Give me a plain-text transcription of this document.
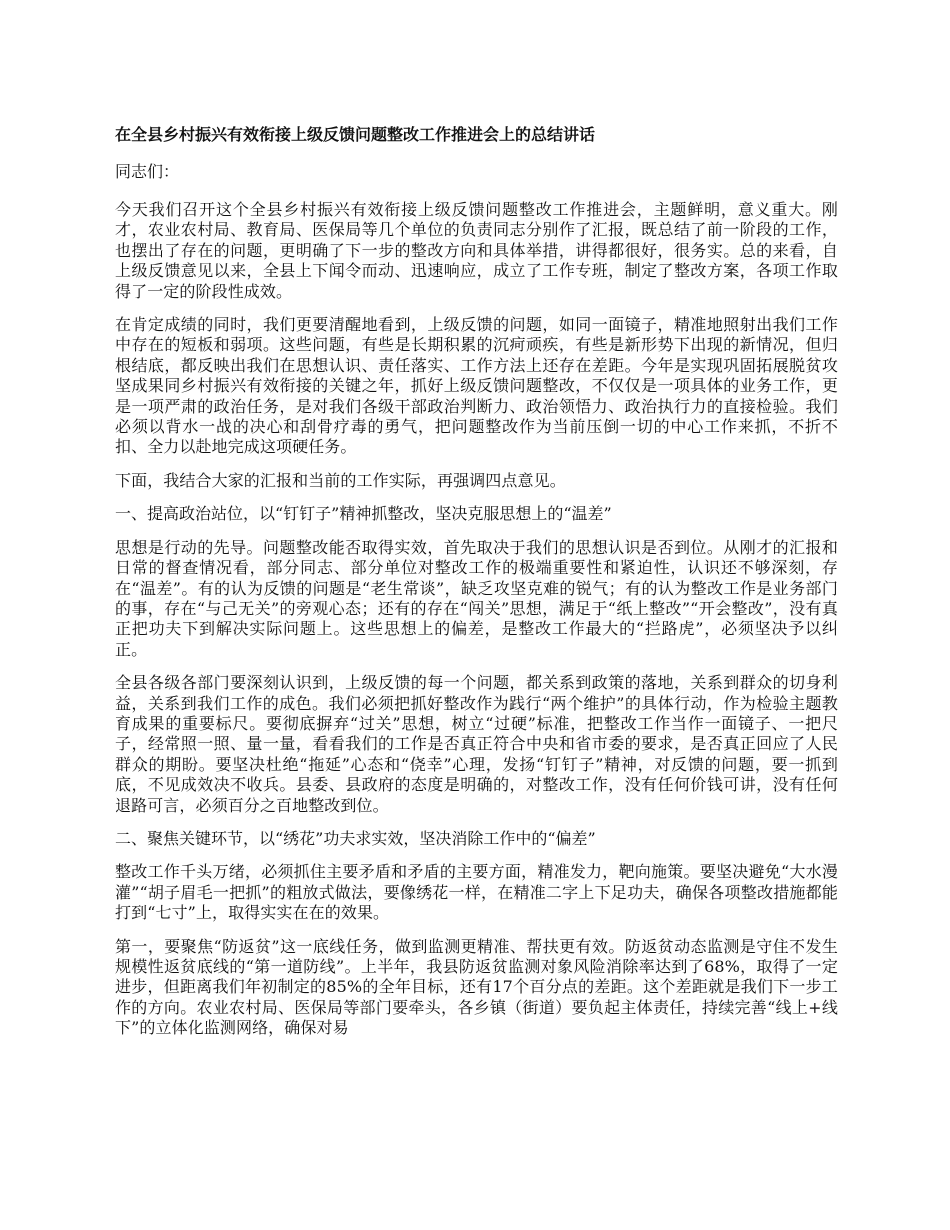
在全县乡村振兴有效衔接上级反馈问题整改工作推进会上的总结讲话
同志们：

今天我们召开这个全县乡村振兴有效衔接上级反馈问题整改工作推进会，主题鲜明，意义重大。刚才，农业农村局、教育局、医保局等几个单位的负责同志分别作了汇报，既总结了前一阶段的工作，也摆出了存在的问题，更明确了下一步的整改方向和具体举措，讲得都很好，很务实。总的来看，自上级反馈意见以来，全县上下闻令而动、迅速响应，成立了工作专班，制定了整改方案，各项工作取得了一定的阶段性成效。

在肯定成绩的同时，我们更要清醒地看到，上级反馈的问题，如同一面镜子，精准地照射出我们工作中存在的短板和弱项。这些问题，有些是长期积累的沉疴顽疾，有些是新形势下出现的新情况，但归根结底，都反映出我们在思想认识、责任落实、工作方法上还存在差距。今年是实现巩固拓展脱贫攻坚成果同乡村振兴有效衔接的关键之年，抓好上级反馈问题整改，不仅仅是一项具体的业务工作，更是一项严肃的政治任务，是对我们各级干部政治判断力、政治领悟力、政治执行力的直接检验。我们必须以背水一战的决心和刮骨疗毒的勇气，把问题整改作为当前压倒一切的中心工作来抓，不折不扣、全力以赴地完成这项硬任务。

下面，我结合大家的汇报和当前的工作实际，再强调四点意见。

一、提高政治站位，以“钉钉子”精神抓整改，坚决克服思想上的“温差”

思想是行动的先导。问题整改能否取得实效，首先取决于我们的思想认识是否到位。从刚才的汇报和日常的督查情况看，部分同志、部分单位对整改工作的极端重要性和紧迫性，认识还不够深刻，存在“温差”。有的认为反馈的问题是“老生常谈”，缺乏攻坚克难的锐气；有的认为整改工作是业务部门的事，存在“与己无关”的旁观心态；还有的存在“闯关”思想，满足于“纸上整改”“开会整改”，没有真正把功夫下到解决实际问题上。这些思想上的偏差，是整改工作最大的“拦路虎”，必须坚决予以纠正。

全县各级各部门要深刻认识到，上级反馈的每一个问题，都关系到政策的落地，关系到群众的切身利益，关系到我们工作的成色。我们必须把抓好整改作为践行“两个维护”的具体行动，作为检验主题教育成果的重要标尺。要彻底摒弃“过关”思想，树立“过硬”标准，把整改工作当作一面镜子、一把尺子，经常照一照、量一量，看看我们的工作是否真正符合中央和省市委的要求，是否真正回应了人民群众的期盼。要坚决杜绝“拖延”心态和“侥幸”心理，发扬“钉钉子”精神，对反馈的问题，要一抓到底，不见成效决不收兵。县委、县政府的态度是明确的，对整改工作，没有任何价钱可讲，没有任何退路可言，必须百分之百地整改到位。

二、聚焦关键环节，以“绣花”功夫求实效，坚决消除工作中的“偏差”

整改工作千头万绪，必须抓住主要矛盾和矛盾的主要方面，精准发力，靶向施策。要坚决避免“大水漫灌”“胡子眉毛一把抓”的粗放式做法，要像绣花一样，在精准二字上下足功夫，确保各项整改措施都能打到“七寸”上，取得实实在在的效果。

第一，要聚焦“防返贫”这一底线任务，做到监测更精准、帮扶更有效。防返贫动态监测是守住不发生规模性返贫底线的“第一道防线”。上半年，我县防返贫监测对象风险消除率达到了68%，取得了一定进步，但距离我们年初制定的85%的全年目标，还有17个百分点的差距。这个差距就是我们下一步工作的方向。农业农村局、医保局等部门要牵头，各乡镇（街道）要负起主体责任，持续完善“线上+线下”的立体化监测网络，确保对易
